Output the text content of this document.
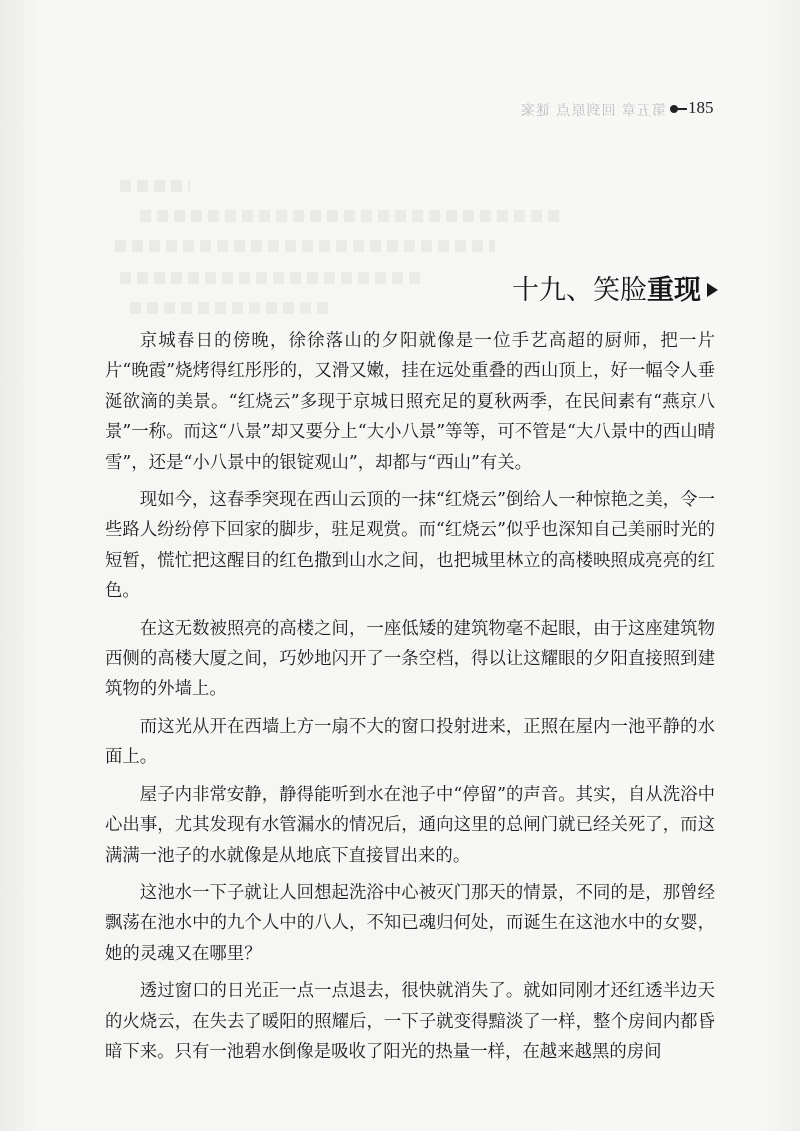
第五章 回到原点 谜案 185
十九、笑脸重现

京城春日的傍晚，徐徐落山的夕阳就像是一位手艺高超的厨师，把一片片“晚霞”烧烤得红彤彤的，又滑又嫩，挂在远处重叠的西山顶上，好一幅令人垂涎欲滴的美景。“红烧云”多现于京城日照充足的夏秋两季，在民间素有“燕京八景”一称。而这“八景”却又要分上“大小八景”等等，可不管是“大八景中的西山晴雪”，还是“小八景中的银锭观山”，却都与“西山”有关。

现如今，这春季突现在西山云顶的一抹“红烧云”倒给人一种惊艳之美，令一些路人纷纷停下回家的脚步，驻足观赏。而“红烧云”似乎也深知自己美丽时光的短暂，慌忙把这醒目的红色撒到山水之间，也把城里林立的高楼映照成亮亮的红色。

在这无数被照亮的高楼之间，一座低矮的建筑物毫不起眼，由于这座建筑物西侧的高楼大厦之间，巧妙地闪开了一条空档，得以让这耀眼的夕阳直接照到建筑物的外墙上。

而这光从开在西墙上方一扇不大的窗口投射进来，正照在屋内一池平静的水面上。

屋子内非常安静，静得能听到水在池子中“停留”的声音。其实，自从洗浴中心出事，尤其发现有水管漏水的情况后，通向这里的总闸门就已经关死了，而这满满一池子的水就像是从地底下直接冒出来的。

这池水一下子就让人回想起洗浴中心被灭门那天的情景，不同的是，那曾经飘荡在池水中的九个人中的八人，不知已魂归何处，而诞生在这池水中的女婴，她的灵魂又在哪里？

透过窗口的日光正一点一点退去，很快就消失了。就如同刚才还红透半边天的火烧云，在失去了暖阳的照耀后，一下子就变得黯淡了一样，整个房间内都昏暗下来。只有一池碧水倒像是吸收了阳光的热量一样，在越来越黑的房间
